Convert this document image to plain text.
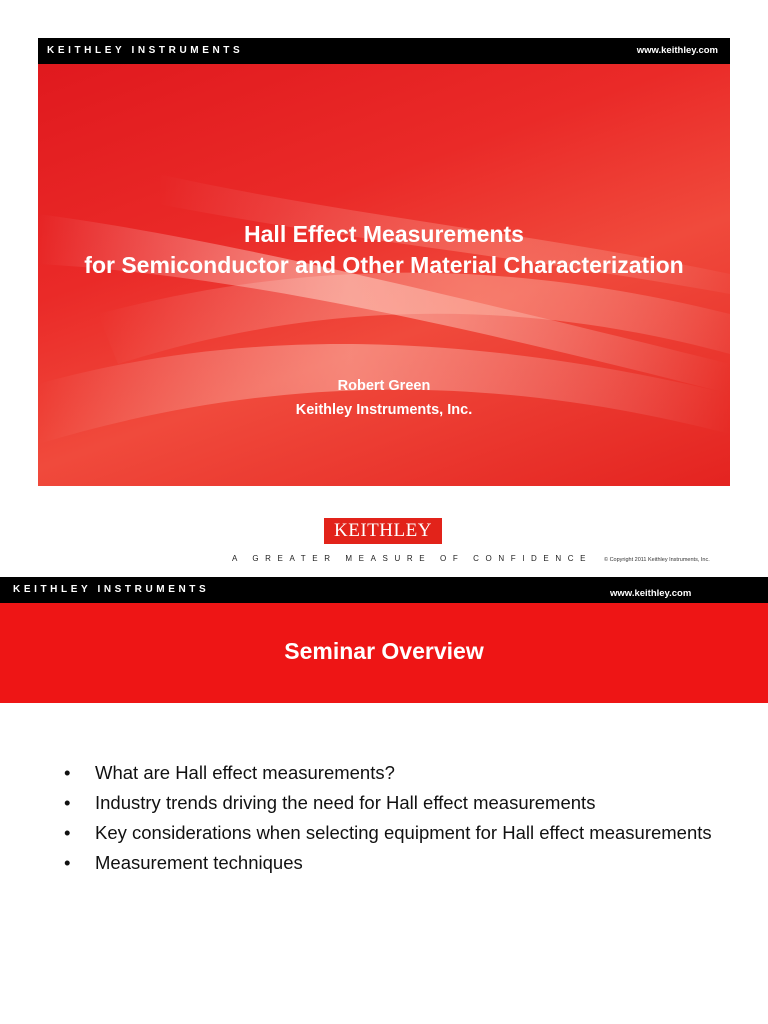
KEITHLEY INSTRUMENTS	www.keithley.com
Hall Effect Measurements
for Semiconductor and Other Material Characterization
Robert Green
Keithley Instruments, Inc.
KEITHLEY
A GREATER MEASURE OF CONFIDENCE © Copyright 2011 Keithley Instruments, Inc.
KEITHLEY INSTRUMENTS	www.keithley.com
Seminar Overview
• What are Hall effect measurements?
• Industry trends driving the need for Hall effect measurements
• Key considerations when selecting equipment for Hall effect measurements
• Measurement techniques
